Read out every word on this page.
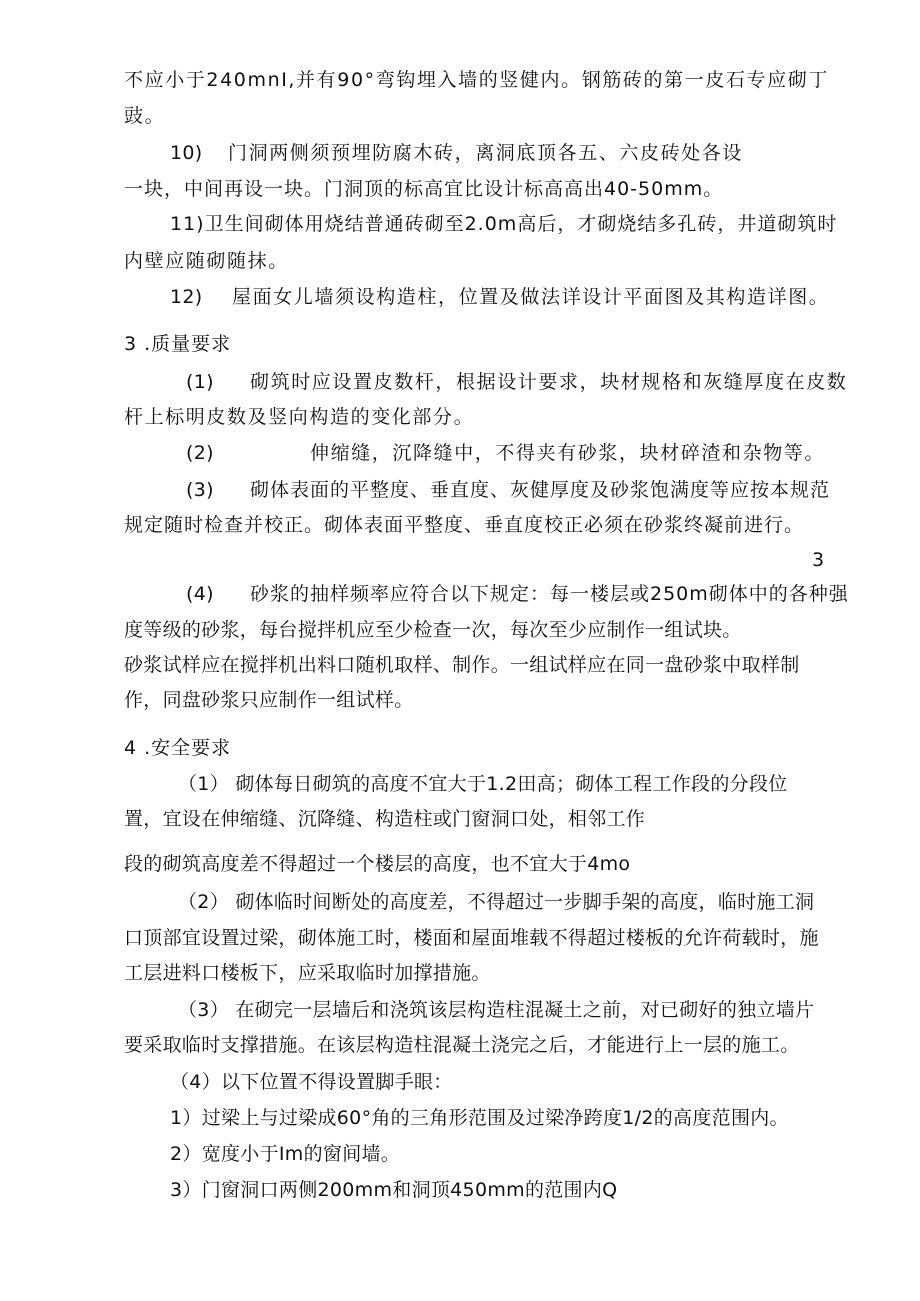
不应小于240mnI,并有90°弯钩埋入墙的竖健内。钢筋砖的第一皮石专应砌丁
豉。
10) 门洞两侧须预埋防腐木砖，离洞底顶各五、六皮砖处各设
一块，中间再设一块。门洞顶的标高宜比设计标高高出40-50mm。
11)卫生间砌体用烧结普通砖砌至2.0m高后，才砌烧结多孔砖，井道砌筑时
内壁应随砌随抹。
12) 屋面女儿墙须设构造柱，位置及做法详设计平面图及其构造详图。
3 .质量要求
(1) 砌筑时应设置皮数杆，根据设计要求，块材规格和灰缝厚度在皮数
杆上标明皮数及竖向构造的变化部分。
(2)	伸缩缝，沉降缝中，不得夹有砂浆，块材碎渣和杂物等。
(3) 砌体表面的平整度、垂直度、灰健厚度及砂浆饱满度等应按本规范
规定随时检查并校正。砌体表面平整度、垂直度校正必须在砂浆终凝前进行。
3
(4) 砂浆的抽样频率应符合以下规定：每一楼层或250m砌体中的各种强
度等级的砂浆，每台搅拌机应至少检查一次，每次至少应制作一组试块。
砂浆试样应在搅拌机出料口随机取样、制作。一组试样应在同一盘砂浆中取样制
作，同盘砂浆只应制作一组试样。
4 .安全要求
（1） 砌体每日砌筑的高度不宜大于1.2田高；砌体工程工作段的分段位
置，宜设在伸缩缝、沉降缝、构造柱或门窗洞口处，相邻工作
段的砌筑高度差不得超过一个楼层的高度，也不宜大于4mo
（2） 砌体临时间断处的高度差，不得超过一步脚手架的高度，临时施工洞
口顶部宜设置过梁，砌体施工时，楼面和屋面堆载不得超过楼板的允许荷载时，施
工层进料口楼板下，应采取临时加撑措施。
（3） 在砌完一层墙后和浇筑该层构造柱混凝土之前，对已砌好的独立墙片
要采取临时支撑措施。在该层构造柱混凝土浇完之后，才能进行上一层的施工。
（4）以下位置不得设置脚手眼：
1）过梁上与过梁成60°角的三角形范围及过梁净跨度1/2的高度范围内。
2）宽度小于Im的窗间墙。
3）门窗洞口两侧200mm和洞顶450mm的范围内Q
